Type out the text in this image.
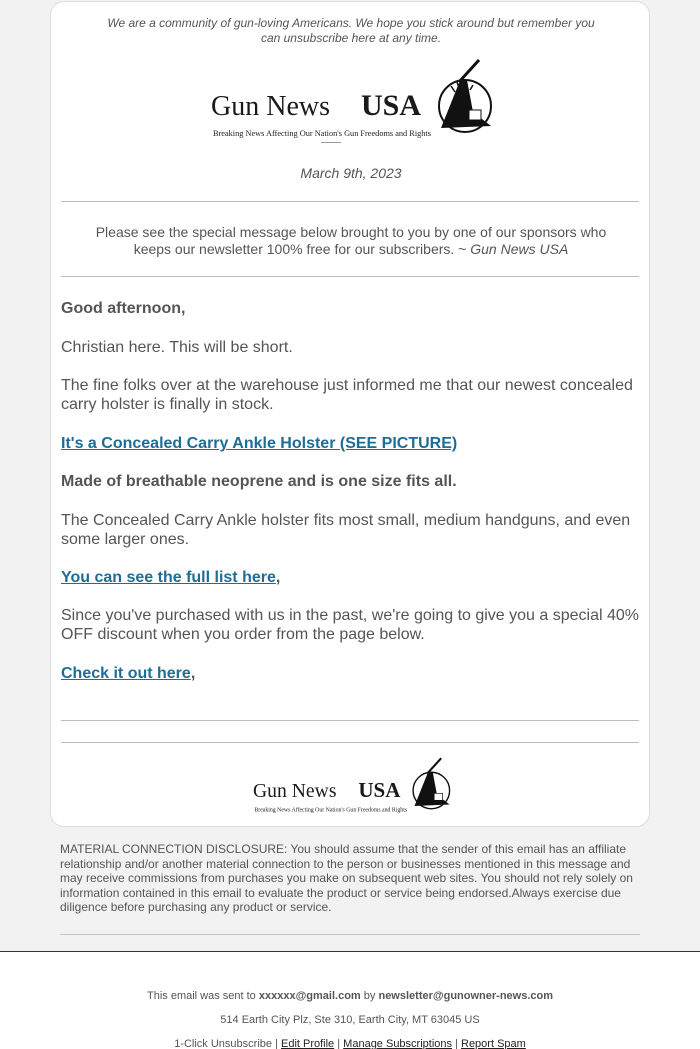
We are a community of gun-loving Americans. We hope you stick around but remember you can unsubscribe here at any time.
Gun News USA
Breaking News Affecting Our Nation's Gun Freedoms and Rights
March 9th, 2023
Please see the special message below brought to you by one of our sponsors who keeps our newsletter 100% free for our subscribers. ~ Gun News USA
Good afternoon,
Christian here. This will be short.
The fine folks over at the warehouse just informed me that our newest concealed carry holster is finally in stock.
It's a Concealed Carry Ankle Holster (SEE PICTURE)
Made of breathable neoprene and is one size fits all.
The Concealed Carry Ankle holster fits most small, medium handguns, and even some larger ones.
You can see the full list here,
Since you've purchased with us in the past, we're going to give you a special 40% OFF discount when you order from the page below.
Check it out here,
Gun News USA
Breaking News Affecting Our Nation's Gun Freedoms and Rights
MATERIAL CONNECTION DISCLOSURE: You should assume that the sender of this email has an affiliate relationship and/or another material connection to the person or businesses mentioned in this message and may receive commissions from purchases you make on subsequent web sites. You should not rely solely on information contained in this email to evaluate the product or service being endorsed.Always exercise due diligence before purchasing any product or service.
This email was sent to xxxxxx@gmail.com by newsletter@gunowner-news.com
514 Earth City Plz, Ste 310, Earth City, MT 63045 US
1-Click Unsubscribe | Edit Profile | Manage Subscriptions | Report Spam
